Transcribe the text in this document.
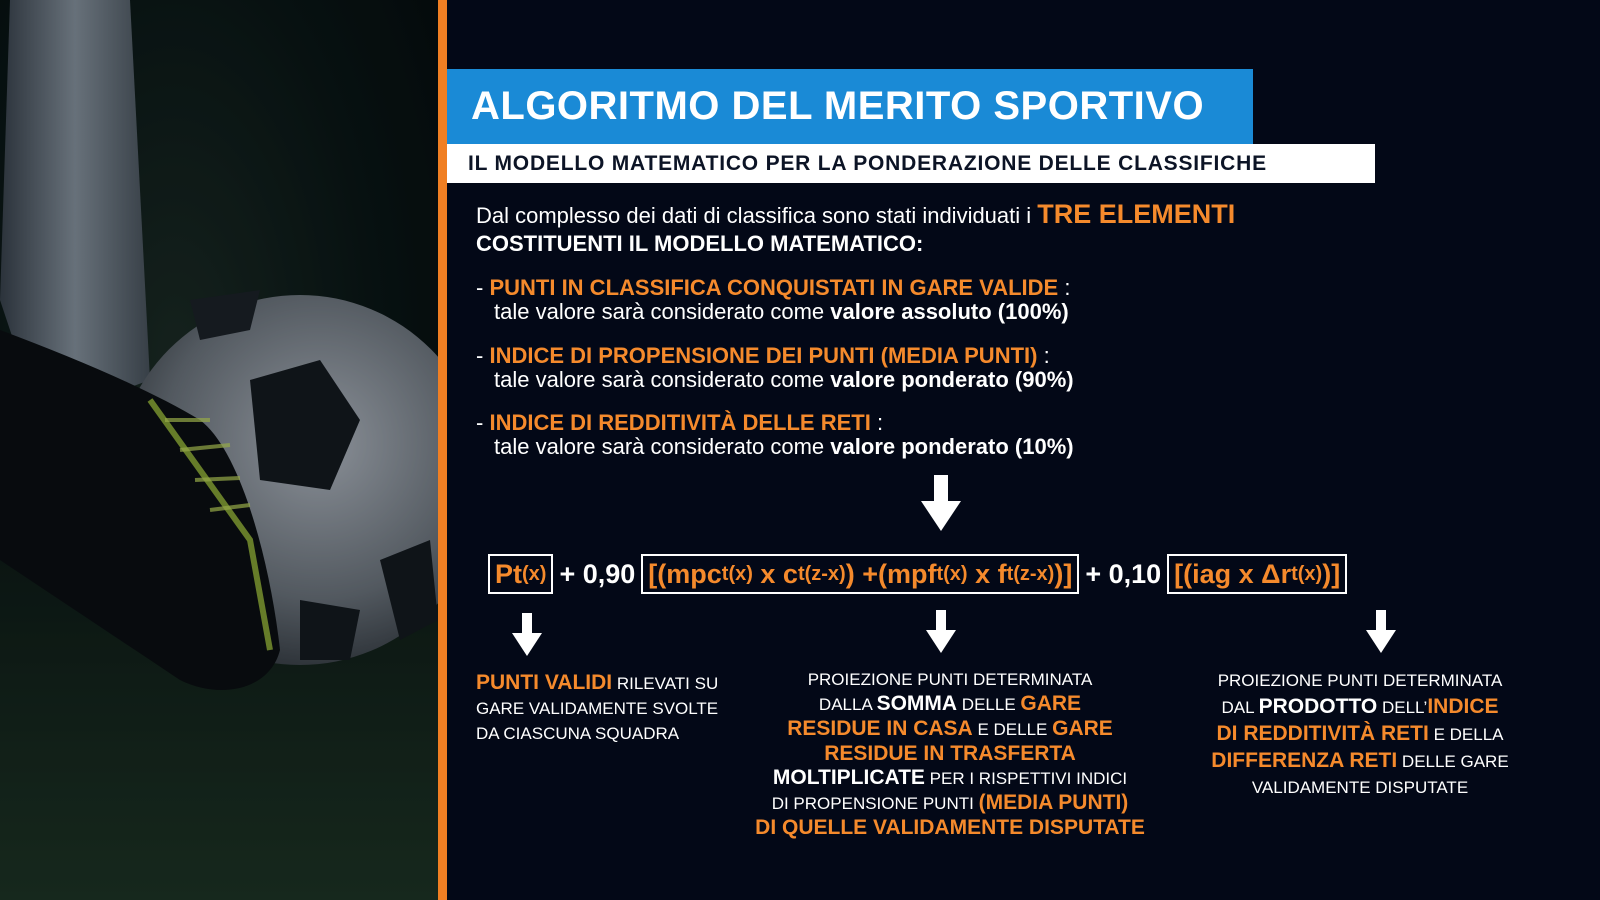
ALGORITMO DEL MERITO SPORTIVO
IL MODELLO MATEMATICO PER LA PONDERAZIONE DELLE CLASSIFICHE
Dal complesso dei dati di classifica sono stati individuati i TRE ELEMENTI
COSTITUENTI IL MODELLO MATEMATICO:
- PUNTI IN CLASSIFICA CONQUISTATI IN GARE VALIDE :
tale valore sarà considerato come valore assoluto (100%)
- INDICE DI PROPENSIONE DEI PUNTI (MEDIA PUNTI) :
tale valore sarà considerato come valore ponderato (90%)
- INDICE DI REDDITIVITÀ DELLE RETI :
tale valore sarà considerato come valore ponderato (10%)
Pt (x) + 0,90 [(mpc t(x) x c t(z-x) ) +(mpf t(x) x f t(z-x) )] + 0,10 [(iag x Δr t(x) )]
PUNTI VALIDI RILEVATI SU
GARE VALIDAMENTE SVOLTE
DA CIASCUNA SQUADRA
PROIEZIONE PUNTI DETERMINATA
DALLA SOMMA DELLE GARE
RESIDUE IN CASA E DELLE GARE
RESIDUE IN TRASFERTA
MOLTIPLICATE PER I RISPETTIVI INDICI
DI PROPENSIONE PUNTI (MEDIA PUNTI)
DI QUELLE VALIDAMENTE DISPUTATE
PROIEZIONE PUNTI DETERMINATA
DAL PRODOTTO DELL’INDICE
DI REDDITIVITÀ RETI E DELLA
DIFFERENZA RETI DELLE GARE
VALIDAMENTE DISPUTATE
